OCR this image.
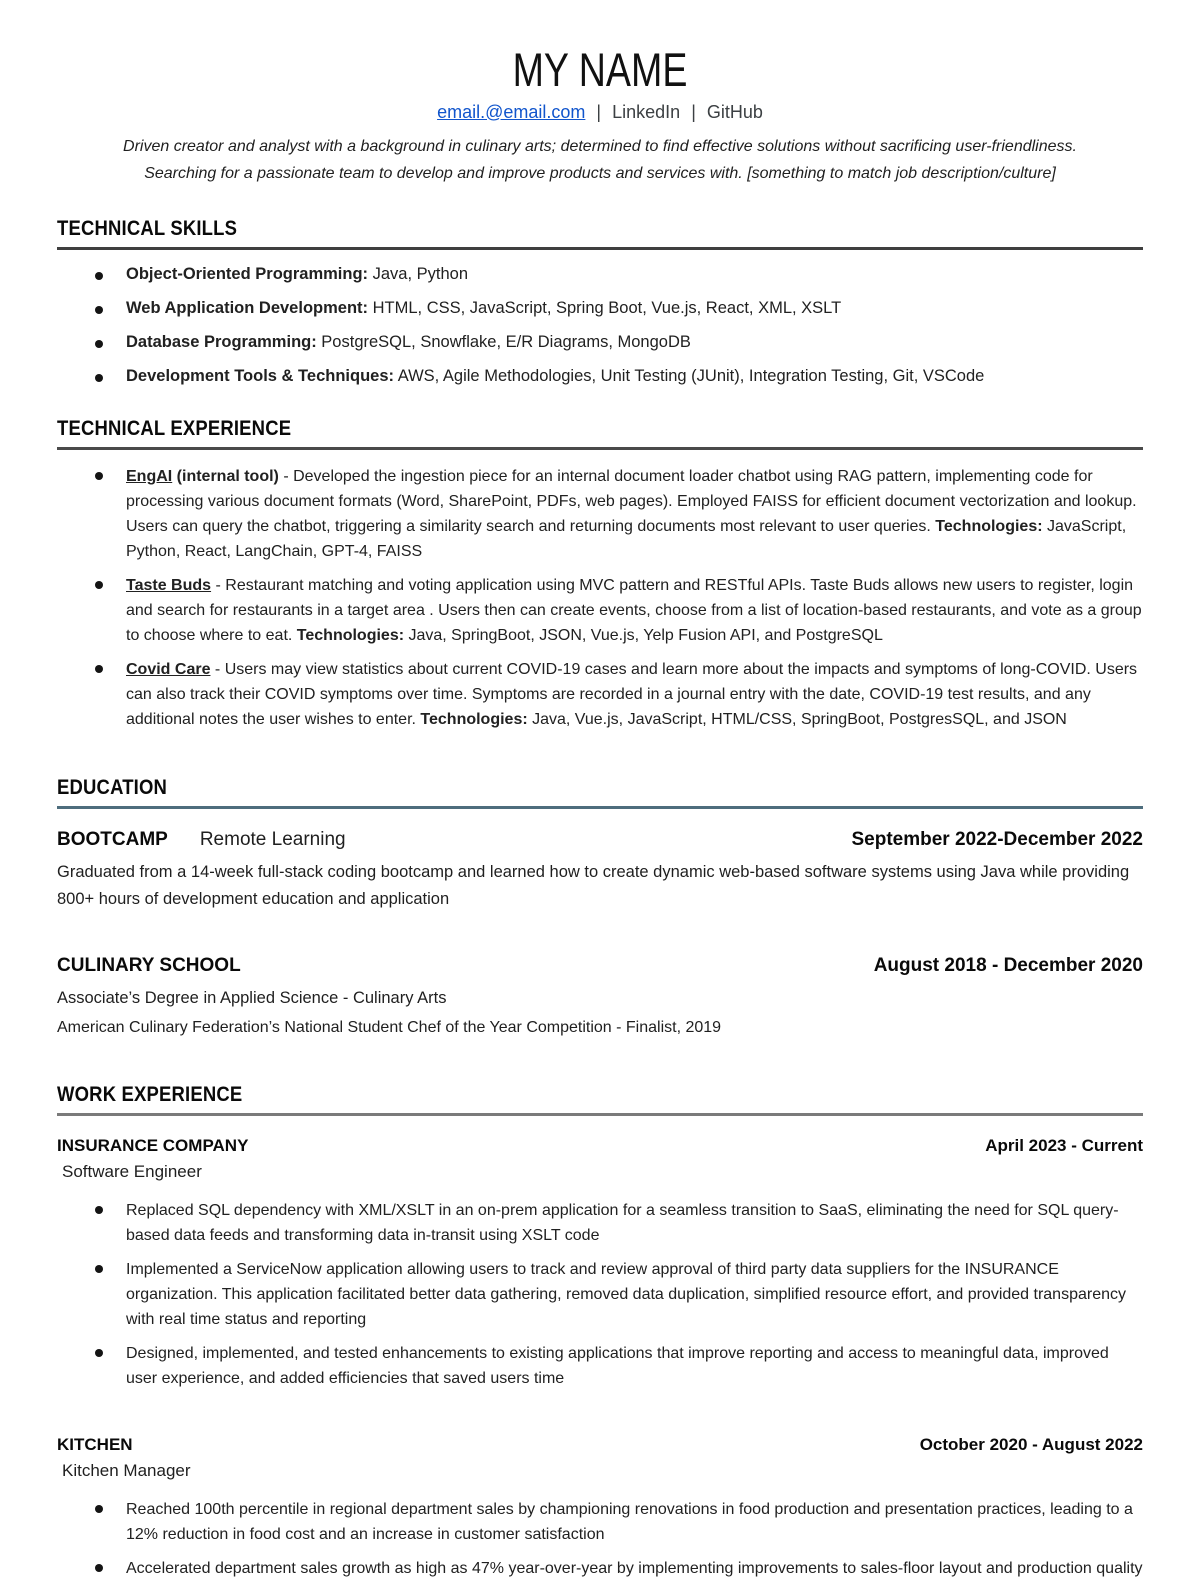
MY NAME
email.@email.com | LinkedIn | GitHub

Driven creator and analyst with a background in culinary arts; determined to find effective solutions without sacrificing user-friendliness.
Searching for a passionate team to develop and improve products and services with. [something to match job description/culture]

TECHNICAL SKILLS
Object-Oriented Programming: Java, Python
Web Application Development: HTML, CSS, JavaScript, Spring Boot, Vue.js, React, XML, XSLT
Database Programming: PostgreSQL, Snowflake, E/R Diagrams, MongoDB
Development Tools & Techniques: AWS, Agile Methodologies, Unit Testing (JUnit), Integration Testing, Git, VSCode
TECHNICAL EXPERIENCE
EngAI (internal tool) - Developed the ingestion piece for an internal document loader chatbot using RAG pattern, implementing code for processing various document formats (Word, SharePoint, PDFs, web pages). Employed FAISS for efficient document vectorization and lookup. Users can query the chatbot, triggering a similarity search and returning documents most relevant to user queries. Technologies: JavaScript, Python, React, LangChain, GPT-4, FAISS
Taste Buds - Restaurant matching and voting application using MVC pattern and RESTful APIs. Taste Buds allows new users to register, login and search for restaurants in a target area . Users then can create events, choose from a list of location-based restaurants, and vote as a group to choose where to eat. Technologies: Java, SpringBoot, JSON, Vue.js, Yelp Fusion API, and PostgreSQL
Covid Care - Users may view statistics about current COVID-19 cases and learn more about the impacts and symptoms of long-COVID. Users can also track their COVID symptoms over time. Symptoms are recorded in a journal entry with the date, COVID-19 test results, and any additional notes the user wishes to enter. Technologies: Java, Vue.js, JavaScript, HTML/CSS, SpringBoot, PostgresSQL, and JSON
EDUCATION
BOOTCAMP Remote Learning	September 2022-December 2022
Graduated from a 14-week full-stack coding bootcamp and learned how to create dynamic web-based software systems using Java while providing 800+ hours of development education and application
CULINARY SCHOOL	August 2018 - December 2020
Associate’s Degree in Applied Science - Culinary Arts
American Culinary Federation’s National Student Chef of the Year Competition - Finalist, 2019
WORK EXPERIENCE
INSURANCE COMPANY	April 2023 - Current
Software Engineer
Replaced SQL dependency with XML/XSLT in an on-prem application for a seamless transition to SaaS, eliminating the need for SQL query-based data feeds and transforming data in-transit using XSLT code
Implemented a ServiceNow application allowing users to track and review approval of third party data suppliers for the INSURANCE organization. This application facilitated better data gathering, removed data duplication, simplified resource effort, and provided transparency with real time status and reporting
Designed, implemented, and tested enhancements to existing applications that improve reporting and access to meaningful data, improved user experience, and added efficiencies that saved users time
KITCHEN	October 2020 - August 2022
Kitchen Manager
Reached 100th percentile in regional department sales by championing renovations in food production and presentation practices, leading to a 12% reduction in food cost and an increase in customer satisfaction
Accelerated department sales growth as high as 47% year-over-year by implementing improvements to sales-floor layout and production quality
